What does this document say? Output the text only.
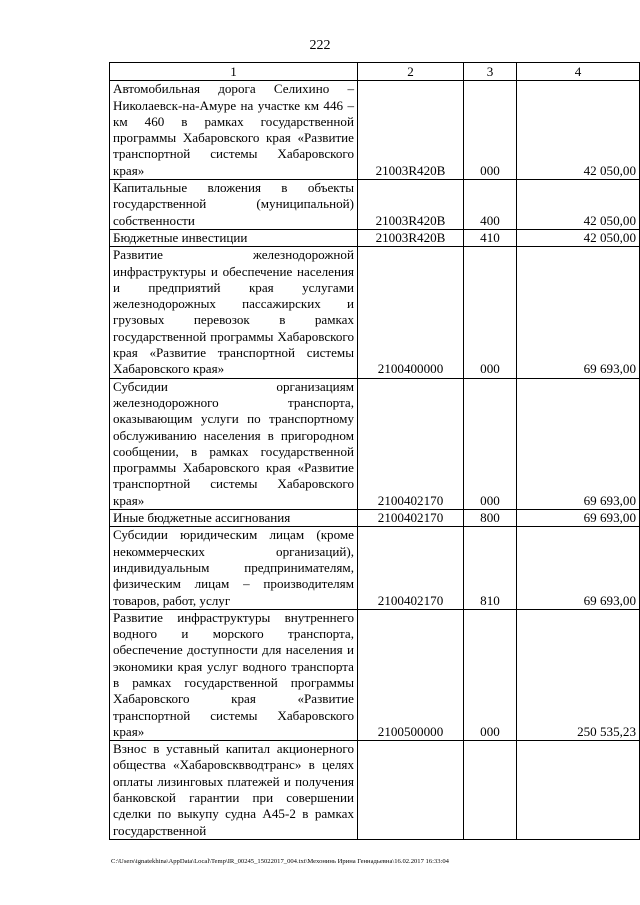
222
1	2	3	4
Автомобильная дорога Селихино – Николаевск-на-Амуре на участке км 446 – км 460 в рамках государственной программы Хабаровского края «Развитие транспортной системы Хабаровского края»	21003R420B	000	42 050,00
Капитальные вложения в объекты государственной (муниципальной) собственности	21003R420B	400	42 050,00
Бюджетные инвестиции	21003R420B	410	42 050,00
Развитие железнодорожной инфраструктуры и обеспечение населения и предприятий края услугами железнодорожных пассажирских и грузовых перевозок в рамках государственной программы Хабаровского края «Развитие транспортной системы Хабаровского края»	2100400000	000	69 693,00
Субсидии организациям железнодорожного транспорта, оказывающим услуги по транспортному обслуживанию населения в пригородном сообщении, в рамках государственной программы Хабаровского края «Развитие транспортной системы Хабаровского края»	2100402170	000	69 693,00
Иные бюджетные ассигнования	2100402170	800	69 693,00
Субсидии юридическим лицам (кроме некоммерческих организаций), индивидуальным предпринимателям, физическим лицам – производителям товаров, работ, услуг	2100402170	810	69 693,00
Развитие инфраструктуры внутреннего водного и морского транспорта, обеспечение доступности для населения и экономики края услуг водного транспорта в рамках государственной программы Хабаровского края «Развитие транспортной системы Хабаровского края»	2100500000	000	250 535,23
Взнос в уставный капитал акционерного общества «Хабаровсквводтранс» в целях оплаты лизинговых платежей и получения банковской гарантии при совершении сделки по выкупу судна А45-2 в рамках государственной			
C:\Users\ignatekhina\AppData\Local\Temp\IR_00245_15022017_004.txt\Мехонинь Ирина Геннадьевна\16.02.2017 16:33:04
